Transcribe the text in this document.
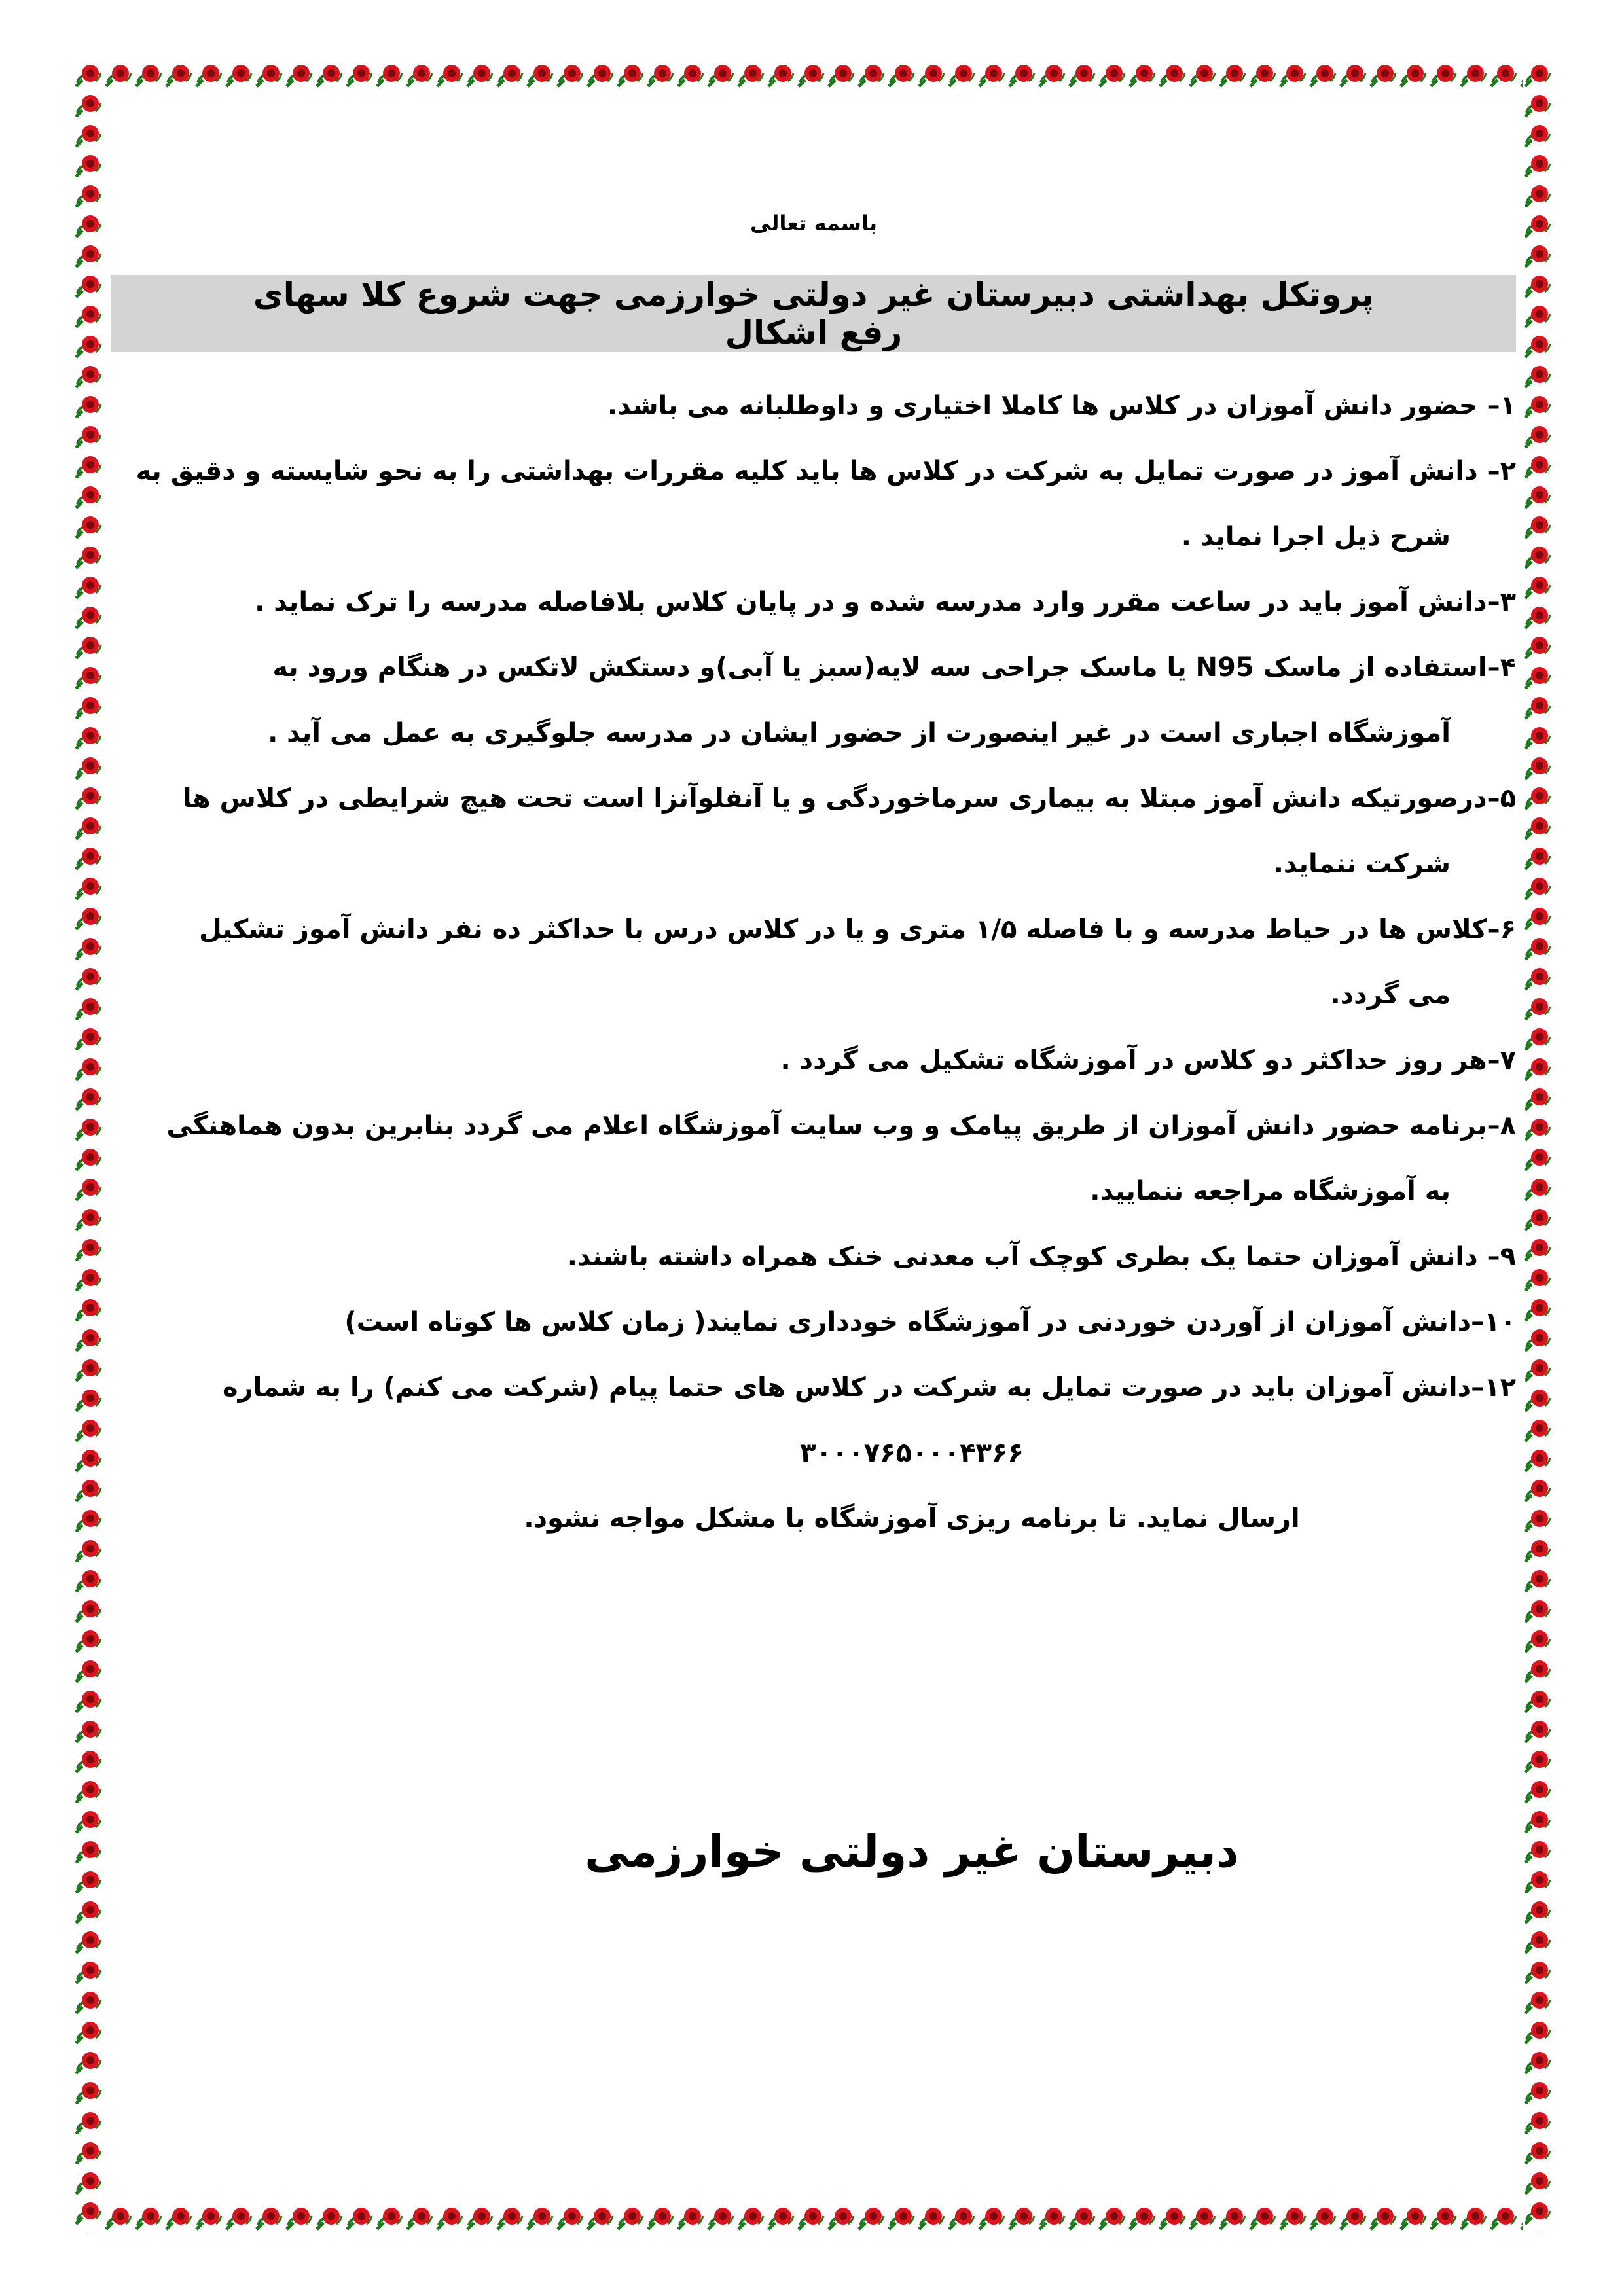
باسمه تعالی
پروتکل بهداشتی دبیرستان غیر دولتی خوارزمی جهت شروع کلا سهای رفع اشکال
۱– حضور دانش آموزان در کلاس ها کاملا اختیاری و داوطلبانه می باشد.
۲– دانش آموز در صورت تمایل به شرکت در کلاس ها باید کلیه مقررات بهداشتی را به نحو شایسته و دقیق به
شرح ذیل اجرا نماید .
۳–دانش آموز باید در ساعت مقرر وارد مدرسه شده و در پایان کلاس بلافاصله مدرسه را ترک نماید .
۴–استفاده از ماسک N95 یا ماسک جراحی سه لایه(سبز یا آبی)و دستکش لاتکس در هنگام ورود به
آموزشگاه اجباری است در غیر اینصورت از حضور ایشان در مدرسه جلوگیری به عمل می آید .
۵–درصورتیکه دانش آموز مبتلا به بیماری سرماخوردگی و یا آنفلوآنزا است تحت هیچ شرایطی در کلاس ها
شرکت ننماید.
۶–کلاس ها در حیاط مدرسه و با فاصله ۱/۵ متری و یا در کلاس درس با حداکثر ده نفر دانش آموز تشکیل
می گردد.
۷–هر روز حداکثر دو کلاس در آموزشگاه تشکیل می گردد .
۸–برنامه حضور دانش آموزان از طریق پیامک و وب سایت آموزشگاه اعلام می گردد بنابرین بدون هماهنگی
به آموزشگاه مراجعه ننمایید.
۹– دانش آموزان حتما یک بطری کوچک آب معدنی خنک همراه داشته باشند.
۱۰–دانش آموزان از آوردن خوردنی در آموزشگاه خودداری نمایند( زمان کلاس ها کوتاه است)
۱۲–دانش آموزان باید در صورت تمایل به شرکت در کلاس های حتما پیام (شرکت می کنم) را به شماره
۳۰۰۰۷۶۵۰۰۰۴۳۶۶
ارسال نماید. تا برنامه ریزی آموزشگاه با مشکل مواجه نشود.
دبیرستان غیر دولتی خوارزمی
